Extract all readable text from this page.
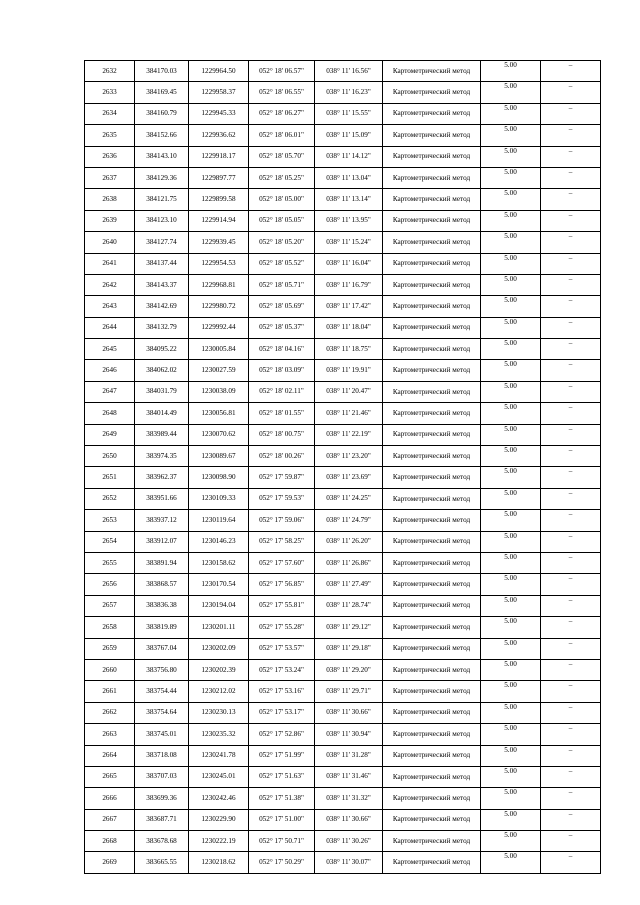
2632	384170.03	1229964.50	052° 18' 06.57"	038° 11' 16.56"	Картометрический метод	5.00	–
2633	384169.45	1229958.37	052° 18' 06.55"	038° 11' 16.23"	Картометрический метод	5.00	–
2634	384160.79	1229945.33	052° 18' 06.27"	038° 11' 15.55"	Картометрический метод	5.00	–
2635	384152.66	1229936.62	052° 18' 06.01"	038° 11' 15.09"	Картометрический метод	5.00	–
2636	384143.10	1229918.17	052° 18' 05.70"	038° 11' 14.12"	Картометрический метод	5.00	–
2637	384129.36	1229897.77	052° 18' 05.25"	038° 11' 13.04"	Картометрический метод	5.00	–
2638	384121.75	1229899.58	052° 18' 05.00"	038° 11' 13.14"	Картометрический метод	5.00	–
2639	384123.10	1229914.94	052° 18' 05.05"	038° 11' 13.95"	Картометрический метод	5.00	–
2640	384127.74	1229939.45	052° 18' 05.20"	038° 11' 15.24"	Картометрический метод	5.00	–
2641	384137.44	1229954.53	052° 18' 05.52"	038° 11' 16.04"	Картометрический метод	5.00	–
2642	384143.37	1229968.81	052° 18' 05.71"	038° 11' 16.79"	Картометрический метод	5.00	–
2643	384142.69	1229980.72	052° 18' 05.69"	038° 11' 17.42"	Картометрический метод	5.00	–
2644	384132.79	1229992.44	052° 18' 05.37"	038° 11' 18.04"	Картометрический метод	5.00	–
2645	384095.22	1230005.84	052° 18' 04.16"	038° 11' 18.75"	Картометрический метод	5.00	–
2646	384062.02	1230027.59	052° 18' 03.09"	038° 11' 19.91"	Картометрический метод	5.00	–
2647	384031.79	1230038.09	052° 18' 02.11"	038° 11' 20.47"	Картометрический метод	5.00	–
2648	384014.49	1230056.81	052° 18' 01.55"	038° 11' 21.46"	Картометрический метод	5.00	–
2649	383989.44	1230070.62	052° 18' 00.75"	038° 11' 22.19"	Картометрический метод	5.00	–
2650	383974.35	1230089.67	052° 18' 00.26"	038° 11' 23.20"	Картометрический метод	5.00	–
2651	383962.37	1230098.90	052° 17' 59.87"	038° 11' 23.69"	Картометрический метод	5.00	–
2652	383951.66	1230109.33	052° 17' 59.53"	038° 11' 24.25"	Картометрический метод	5.00	–
2653	383937.12	1230119.64	052° 17' 59.06"	038° 11' 24.79"	Картометрический метод	5.00	–
2654	383912.07	1230146.23	052° 17' 58.25"	038° 11' 26.20"	Картометрический метод	5.00	–
2655	383891.94	1230158.62	052° 17' 57.60"	038° 11' 26.86"	Картометрический метод	5.00	–
2656	383868.57	1230170.54	052° 17' 56.85"	038° 11' 27.49"	Картометрический метод	5.00	–
2657	383836.38	1230194.04	052° 17' 55.81"	038° 11' 28.74"	Картометрический метод	5.00	–
2658	383819.89	1230201.11	052° 17' 55.28"	038° 11' 29.12"	Картометрический метод	5.00	–
2659	383767.04	1230202.09	052° 17' 53.57"	038° 11' 29.18"	Картометрический метод	5.00	–
2660	383756.80	1230202.39	052° 17' 53.24"	038° 11' 29.20"	Картометрический метод	5.00	–
2661	383754.44	1230212.02	052° 17' 53.16"	038° 11' 29.71"	Картометрический метод	5.00	–
2662	383754.64	1230230.13	052° 17' 53.17"	038° 11' 30.66"	Картометрический метод	5.00	–
2663	383745.01	1230235.32	052° 17' 52.86"	038° 11' 30.94"	Картометрический метод	5.00	–
2664	383718.08	1230241.78	052° 17' 51.99"	038° 11' 31.28"	Картометрический метод	5.00	–
2665	383707.03	1230245.01	052° 17' 51.63"	038° 11' 31.46"	Картометрический метод	5.00	–
2666	383699.36	1230242.46	052° 17' 51.38"	038° 11' 31.32"	Картометрический метод	5.00	–
2667	383687.71	1230229.90	052° 17' 51.00"	038° 11' 30.66"	Картометрический метод	5.00	–
2668	383678.68	1230222.19	052° 17' 50.71"	038° 11' 30.26"	Картометрический метод	5.00	–
2669	383665.55	1230218.62	052° 17' 50.29"	038° 11' 30.07"	Картометрический метод	5.00	–
